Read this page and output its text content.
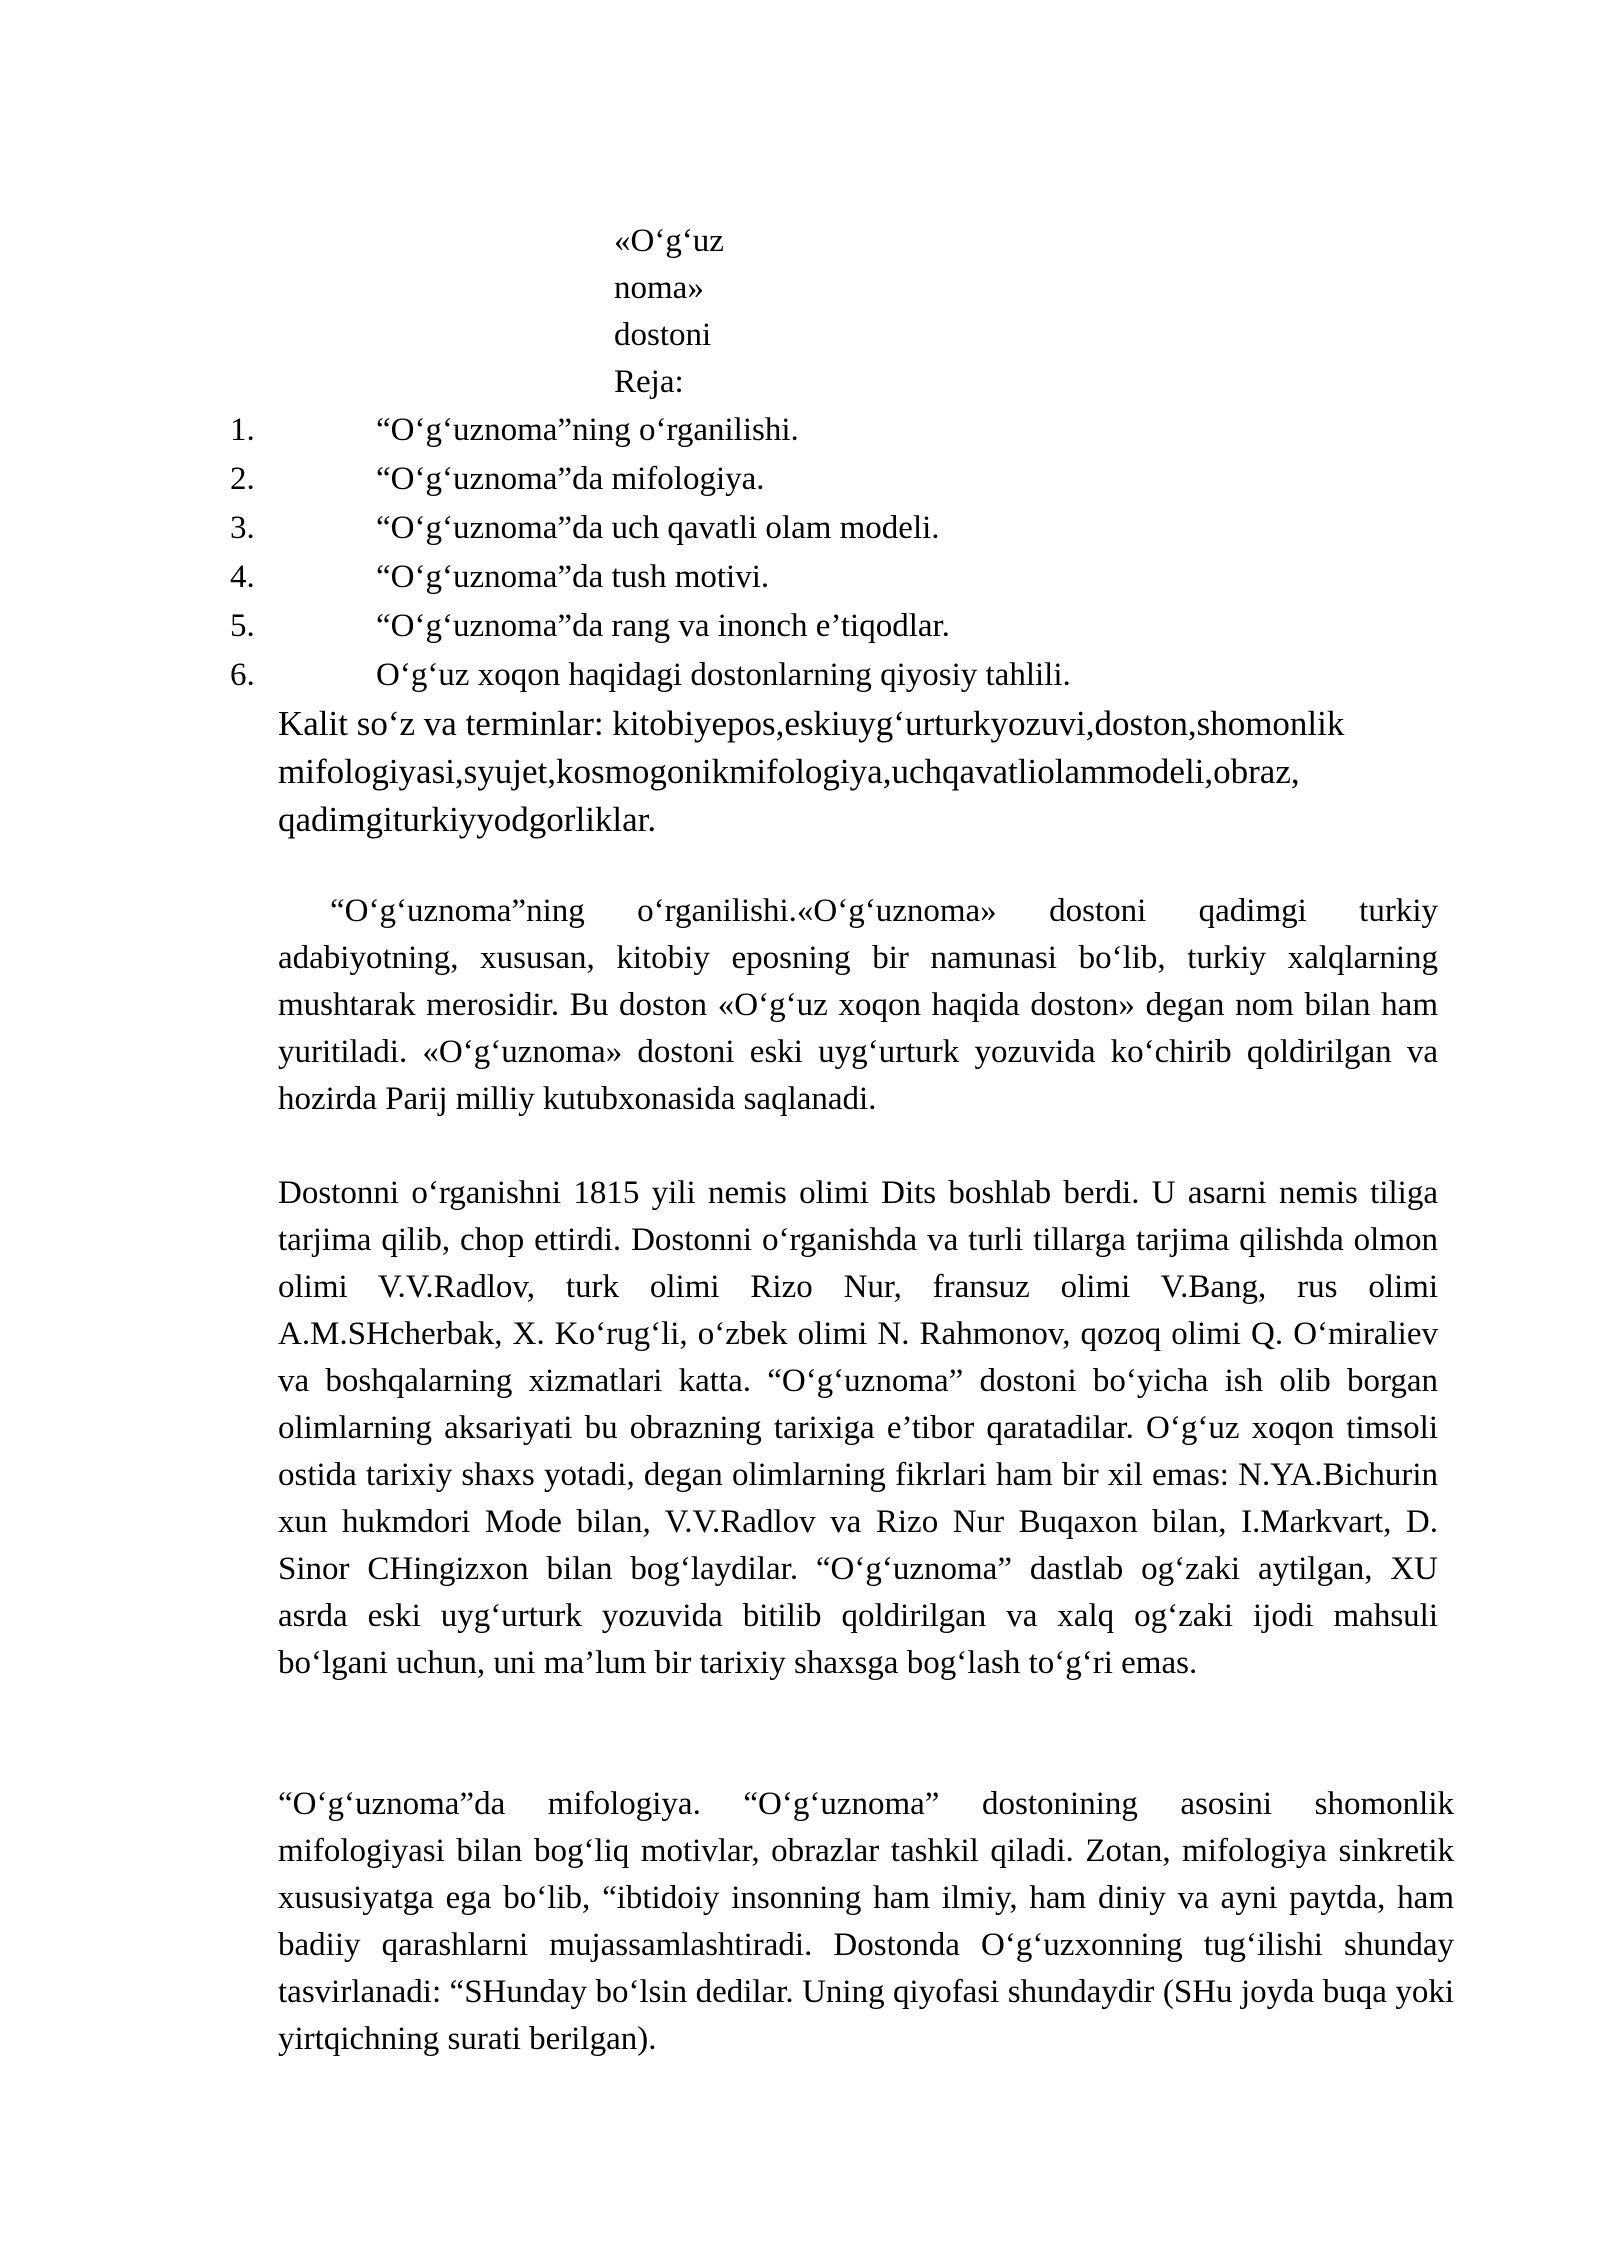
«O‘g‘uz
noma»
dostoni
Reja:
1.	“O‘g‘uznoma”ning o‘rganilishi.
2.	“O‘g‘uznoma”da mifologiya.
3.	“O‘g‘uznoma”da uch qavatli olam modeli.
4.	“O‘g‘uznoma”da tush motivi.
5.	“O‘g‘uznoma”da rang va inonch e’tiqodlar.
6.	O‘g‘uz xoqon haqidagi dostonlarning qiyosiy tahlili.
Kalit so‘z va terminlar: kitobiyepos,eskiuyg‘urturkyozuvi,doston,shomonlik mifologiyasi,syujet,kosmogonikmifologiya,uchqavatliolammodeli,obraz, qadimgiturkiyyodgorliklar.
“O‘g‘uznoma”ning o‘rganilishi.«O‘g‘uznoma» dostoni qadimgi turkiy adabiyotning, xususan, kitobiy eposning bir namunasi bo‘lib, turkiy xalqlarning mushtarak merosidir. Bu doston «O‘g‘uz xoqon haqida doston» degan nom bilan ham yuritiladi. «O‘g‘uznoma» dostoni eski uyg‘urturk yozuvida ko‘chirib qoldirilgan va hozirda Parij milliy kutubxonasida saqlanadi.
Dostonni o‘rganishni 1815 yili nemis olimi Dits boshlab berdi. U asarni nemis tiliga tarjima qilib, chop ettirdi. Dostonni o‘rganishda va turli tillarga tarjima qilishda olmon olimi V.V.Radlov, turk olimi Rizo Nur, fransuz olimi V.Bang, rus olimi A.M.SHcherbak, X. Ko‘rug‘li, o‘zbek olimi N. Rahmonov, qozoq olimi Q. O‘miraliev va boshqalarning xizmatlari katta. “O‘g‘uznoma” dostoni bo‘yicha ish olib borgan olimlarning aksariyati bu obrazning tarixiga e’tibor qaratadilar. O‘g‘uz xoqon timsoli ostida tarixiy shaxs yotadi, degan olimlarning fikrlari ham bir xil emas: N.YA.Bichurin xun hukmdori Mode bilan, V.V.Radlov va Rizo Nur Buqaxon bilan, I.Markvart, D. Sinor CHingizxon bilan bog‘laydilar. “O‘g‘uznoma” dastlab og‘zaki aytilgan, XU asrda eski uyg‘urturk yozuvida bitilib qoldirilgan va xalq og‘zaki ijodi mahsuli bo‘lgani uchun, uni ma’lum bir tarixiy shaxsga bog‘lash to‘g‘ri emas.
“O‘g‘uznoma”da mifologiya. “O‘g‘uznoma” dostonining asosini shomonlik mifologiyasi bilan bog‘liq motivlar, obrazlar tashkil qiladi. Zotan, mifologiya sinkretik xususiyatga ega bo‘lib, “ibtidoiy insonning ham ilmiy, ham diniy va ayni paytda, ham badiiy qarashlarni mujassamlashtiradi. Dostonda O‘g‘uzxonning tug‘ilishi shunday tasvirlanadi: “SHunday bo‘lsin dedilar. Uning qiyofasi shundaydir (SHu joyda buqa yoki yirtqichning surati berilgan).
